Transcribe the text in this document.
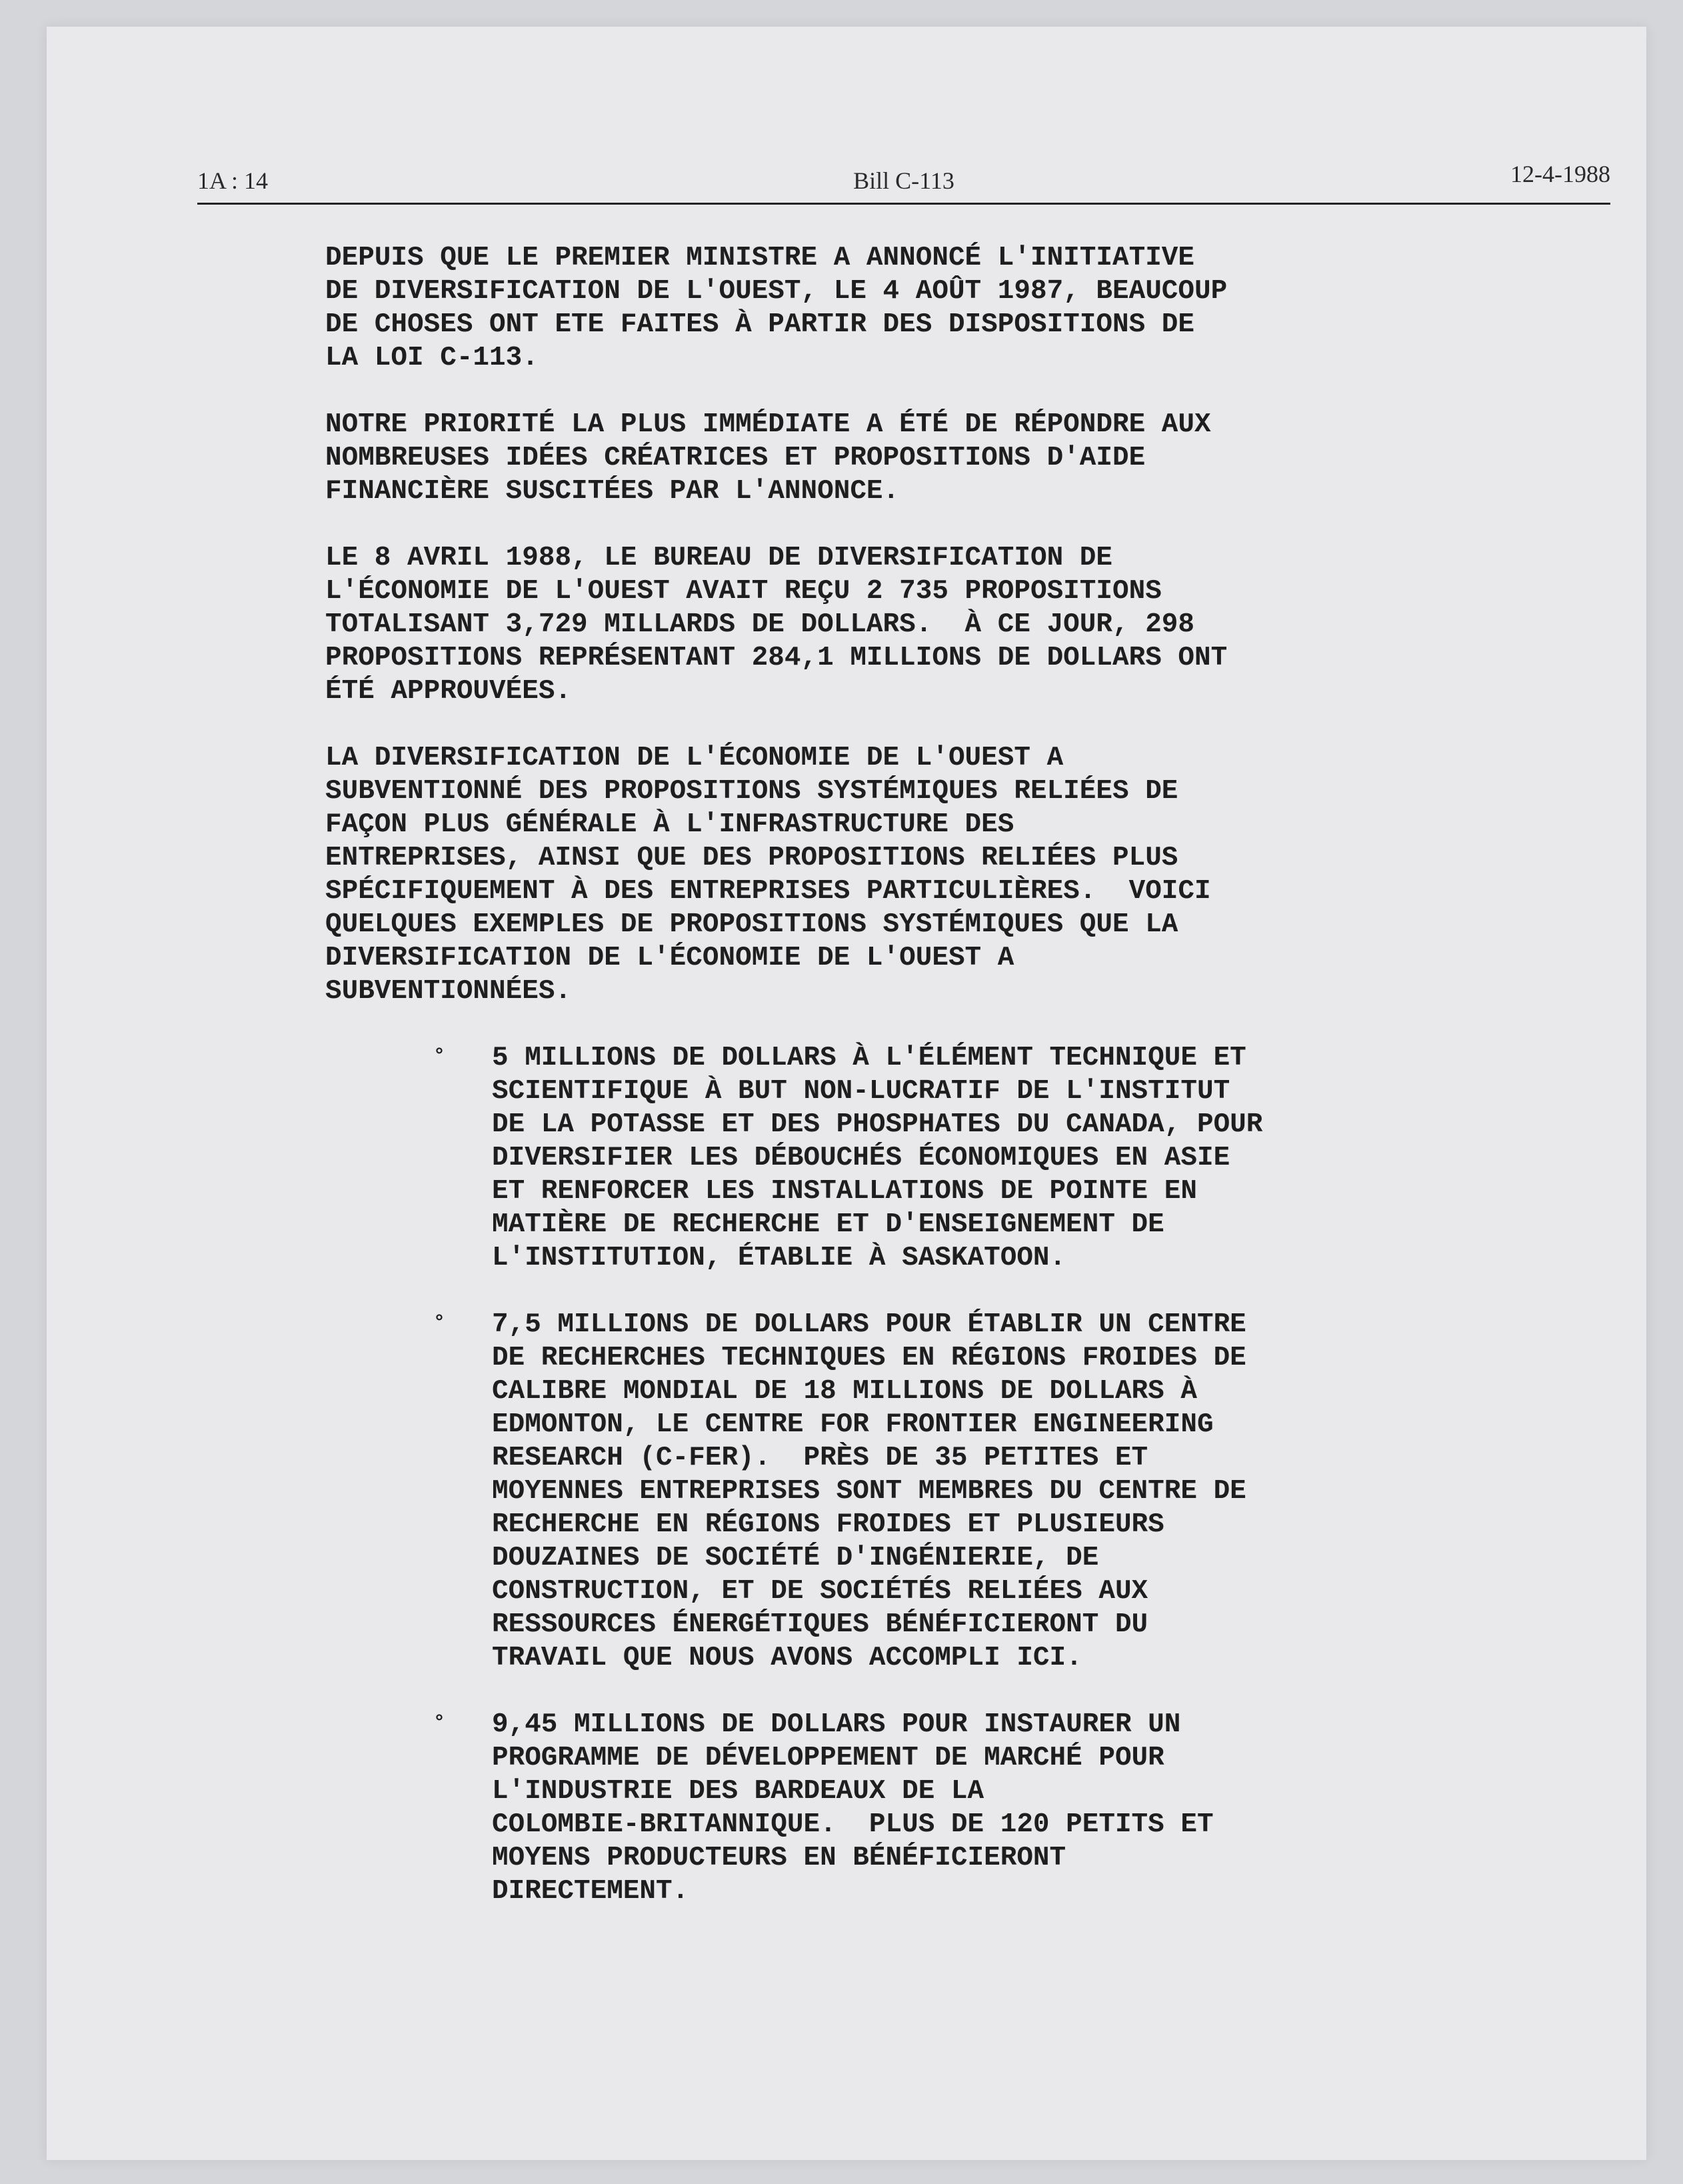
1A : 14	Bill C-113	12-4-1988

DEPUIS QUE LE PREMIER MINISTRE A ANNONCÉ L'INITIATIVE
DE DIVERSIFICATION DE L'OUEST, LE 4 AOÛT 1987, BEAUCOUP
DE CHOSES ONT ETE FAITES À PARTIR DES DISPOSITIONS DE
LA LOI C-113.

NOTRE PRIORITÉ LA PLUS IMMÉDIATE A ÉTÉ DE RÉPONDRE AUX
NOMBREUSES IDÉES CRÉATRICES ET PROPOSITIONS D'AIDE
FINANCIÈRE SUSCITÉES PAR L'ANNONCE.

LE 8 AVRIL 1988, LE BUREAU DE DIVERSIFICATION DE
L'ÉCONOMIE DE L'OUEST AVAIT REÇU 2 735 PROPOSITIONS
TOTALISANT 3,729 MILLARDS DE DOLLARS.  À CE JOUR, 298
PROPOSITIONS REPRÉSENTANT 284,1 MILLIONS DE DOLLARS ONT
ÉTÉ APPROUVÉES.

LA DIVERSIFICATION DE L'ÉCONOMIE DE L'OUEST A
SUBVENTIONNÉ DES PROPOSITIONS SYSTÉMIQUES RELIÉES DE
FAÇON PLUS GÉNÉRALE À L'INFRASTRUCTURE DES
ENTREPRISES, AINSI QUE DES PROPOSITIONS RELIÉES PLUS
SPÉCIFIQUEMENT À DES ENTREPRISES PARTICULIÈRES.  VOICI
QUELQUES EXEMPLES DE PROPOSITIONS SYSTÉMIQUES QUE LA
DIVERSIFICATION DE L'ÉCONOMIE DE L'OUEST A
SUBVENTIONNÉES.

° 5 MILLIONS DE DOLLARS À L'ÉLÉMENT TECHNIQUE ET
SCIENTIFIQUE À BUT NON-LUCRATIF DE L'INSTITUT
DE LA POTASSE ET DES PHOSPHATES DU CANADA, POUR
DIVERSIFIER LES DÉBOUCHÉS ÉCONOMIQUES EN ASIE
ET RENFORCER LES INSTALLATIONS DE POINTE EN
MATIÈRE DE RECHERCHE ET D'ENSEIGNEMENT DE
L'INSTITUTION, ÉTABLIE À SASKATOON.
° 7,5 MILLIONS DE DOLLARS POUR ÉTABLIR UN CENTRE
DE RECHERCHES TECHNIQUES EN RÉGIONS FROIDES DE
CALIBRE MONDIAL DE 18 MILLIONS DE DOLLARS À
EDMONTON, LE CENTRE FOR FRONTIER ENGINEERING
RESEARCH (C-FER).  PRÈS DE 35 PETITES ET
MOYENNES ENTREPRISES SONT MEMBRES DU CENTRE DE
RECHERCHE EN RÉGIONS FROIDES ET PLUSIEURS
DOUZAINES DE SOCIÉTÉ D'INGÉNIERIE, DE
CONSTRUCTION, ET DE SOCIÉTÉS RELIÉES AUX
RESSOURCES ÉNERGÉTIQUES BÉNÉFICIERONT DU
TRAVAIL QUE NOUS AVONS ACCOMPLI ICI.
° 9,45 MILLIONS DE DOLLARS POUR INSTAURER UN
PROGRAMME DE DÉVELOPPEMENT DE MARCHÉ POUR
L'INDUSTRIE DES BARDEAUX DE LA
COLOMBIE-BRITANNIQUE.  PLUS DE 120 PETITS ET
MOYENS PRODUCTEURS EN BÉNÉFICIERONT
DIRECTEMENT.
